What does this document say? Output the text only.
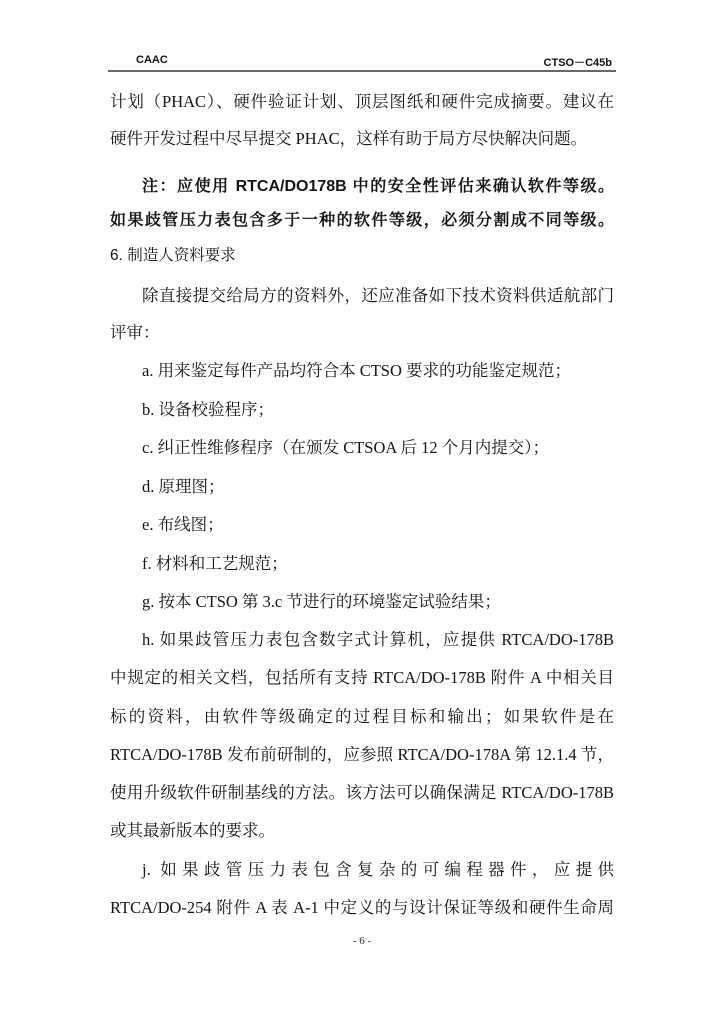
CAAC	CTSO－C45b
计划（PHAC）、硬件验证计划、顶层图纸和硬件完成摘要。建议在
硬件开发过程中尽早提交 PHAC，这样有助于局方尽快解决问题。
注：应使用 RTCA/DO178B 中的安全性评估来确认软件等级。
如果歧管压力表包含多于一种的软件等级，必须分割成不同等级。
6. 制造人资料要求
除直接提交给局方的资料外，还应准备如下技术资料供适航部门
评审：
a. 用来鉴定每件产品均符合本 CTSO 要求的功能鉴定规范；
b. 设备校验程序；
c. 纠正性维修程序（在颁发 CTSOA 后 12 个月内提交）；
d. 原理图；
e. 布线图；
f. 材料和工艺规范；
g. 按本 CTSO 第 3.c 节进行的环境鉴定试验结果；
h. 如果歧管压力表包含数字式计算机，应提供 RTCA/DO-178B
中规定的相关文档，包括所有支持 RTCA/DO-178B 附件 A 中相关目
标的资料，由软件等级确定的过程目标和输出；如果软件是在
RTCA/DO-178B 发布前研制的，应参照 RTCA/DO-178A 第 12.1.4 节，
使用升级软件研制基线的方法。该方法可以确保满足 RTCA/DO-178B
或其最新版本的要求。
j. 如果歧管压力表包含复杂的可编程器件，应提供
RTCA/DO-254 附件 A 表 A-1 中定义的与设计保证等级和硬件生命周
- 6 -
